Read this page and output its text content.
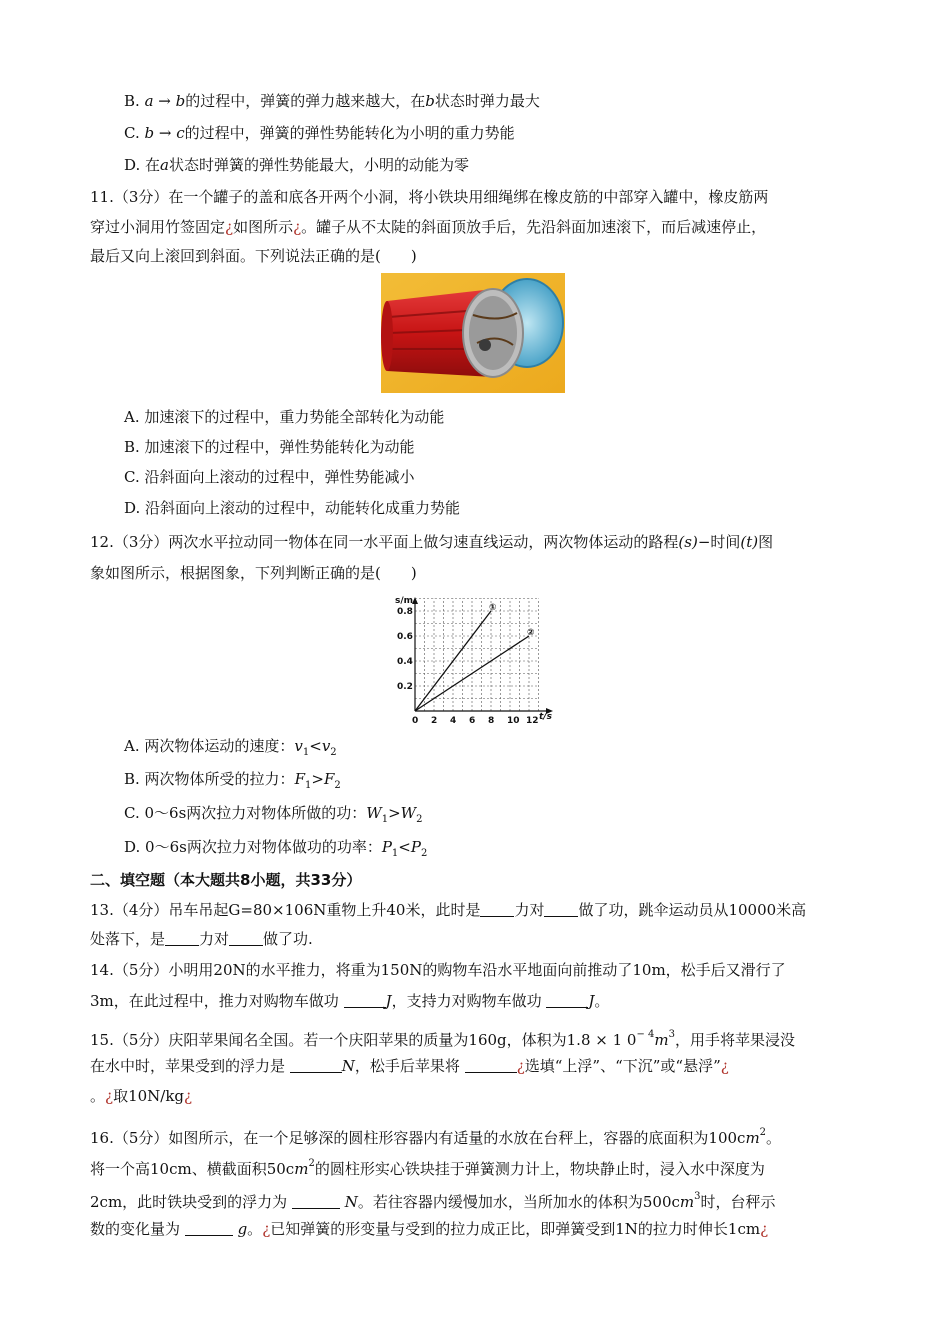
B. a → b的过程中，弹簧的弹力越来越大，在b状态时弹力最大
C. b → c的过程中，弹簧的弹性势能转化为小明的重力势能
D. 在a状态时弹簧的弹性势能最大，小明的动能为零
11.（3分）在一个罐子的盖和底各开两个小洞，将小铁块用细绳绑在橡皮筋的中部穿入罐中，橡皮筋两
穿过小洞用竹签固定¿如图所示¿。罐子从不太陡的斜面顶放手后，先沿斜面加速滚下，而后减速停止，
最后又向上滚回到斜面。下列说法正确的是(　　)
A. 加速滚下的过程中，重力势能全部转化为动能
B. 加速滚下的过程中，弹性势能转化为动能
C. 沿斜面向上滚动的过程中，弹性势能减小
D. 沿斜面向上滚动的过程中，动能转化成重力势能
12.（3分）两次水平拉动同一物体在同一水平面上做匀速直线运动，两次物体运动的路程(s)−时间(t)图
象如图所示，根据图象，下列判断正确的是(　　)
s/m
t/s
0.2
0.4
0.6
0.8
0 2 4 6 8 10 12
①
②
A. 两次物体运动的速度：$v_1<v_2$
B. 两次物体所受的拉力：$F_1>F_2$
C. 0～6s两次拉力对物体所做的功：$W_1>W_2$
D. 0～6s两次拉力对物体做功的功率：$P_1<P_2$
二、填空题（本大题共8小题，共33分）
13.（4分）吊车吊起G=80×106N重物上升40米，此时是 力对 做了功，跳伞运动员从10000米高
处落下，是 力对 做了功.
14.（5分）小明用20N的水平推力，将重为150N的购物车沿水平地面向前推动了10m，松手后又滑行了
3m，在此过程中，推力对购物车做功	J，支持力对购物车做功	J。
15.（5分）庆阳苹果闻名全国。若一个庆阳苹果的质量为160g，体积为1.8 × 1 $0^{- 4}m^3$，用手将苹果浸没
在水中时，苹果受到的浮力是	N，松手后苹果将	¿选填“上浮”、“下沉”或“悬浮”¿
。¿取10N/kg¿
16.（5分）如图所示，在一个足够深的圆柱形容器内有适量的水放在台秤上，容器的底面积为$100cm^2$。
将一个高10cm、横截面积$50cm^2$的圆柱形实心铁块挂于弹簧测力计上，物块静止时，浸入水中深度为
2cm，此时铁块受到的浮力为	N。若往容器内缓慢加水，当所加水的体积为$500cm^3$时，台秤示
数的变化量为	g。¿已知弹簧的形变量与受到的拉力成正比，即弹簧受到1N的拉力时伸长1cm¿
